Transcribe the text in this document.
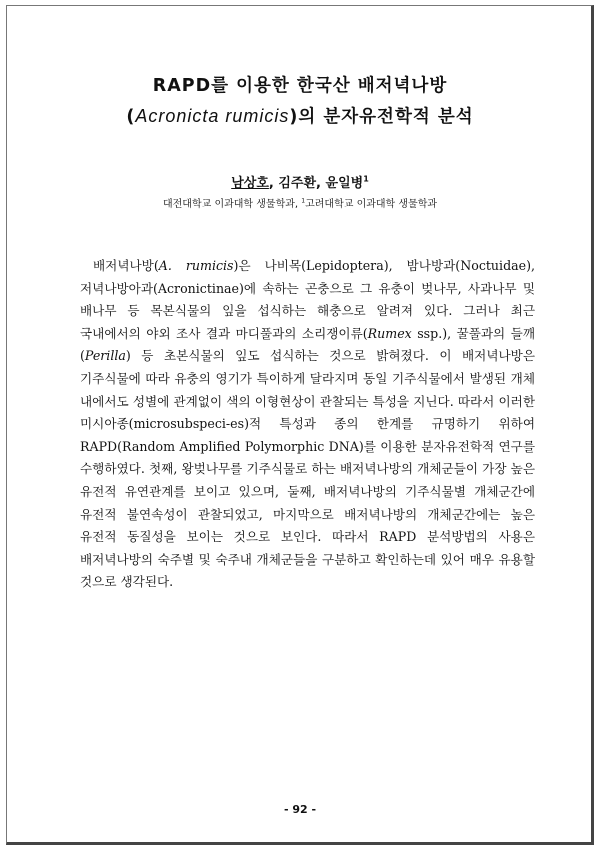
RAPD를 이용한 한국산 배저녁나방
(Acronicta rumicis)의 분자유전학적 분석
남상호, 김주환, 윤일병$^1$
대전대학교 이과대학 생물학과, $^1$고려대학교 이과대학 생물학과

배저녁나방(A. rumicis)은 나비목(Lepidoptera), 밤나방과(Noctuidae), 저녁나방아과(Acronictinae)에 속하는 곤충으로 그 유충이 벚나무, 사과나무 및 배나무 등 목본식물의 잎을 섭식하는 해충으로 알려져 있다. 그러나 최근 국내에서의 야외 조사 결과 마디풀과의 소리쟁이류(Rumex ssp.), 꿀풀과의 들깨(Perilla) 등 초본식물의 잎도 섭식하는 것으로 밝혀졌다. 이 배저녁나방은 기주식물에 따라 유충의 영기가 특이하게 달라지며 동일 기주식물에서 발생된 개체 내에서도 성별에 관계없이 색의 이형현상이 관찰되는 특성을 지닌다. 따라서 이러한 미시아종(microsubspeci-es)적 특성과 종의 한계를 규명하기 위하여 RAPD(Random Amplified Polymorphic DNA)를 이용한 분자유전학적 연구를 수행하였다. 첫째, 왕벚나무를 기주식물로 하는 배저녁나방의 개체군들이 가장 높은 유전적 유연관계를 보이고 있으며, 둘째, 배저녁나방의 기주식물별 개체군간에 유전적 불연속성이 관찰되었고, 마지막으로 배저녁나방의 개체군간에는 높은 유전적 동질성을 보이는 것으로 보인다. 따라서 RAPD 분석방법의 사용은 배저녁나방의 숙주별 및 숙주내 개체군들을 구분하고 확인하는데 있어 매우 유용할 것으로 생각된다.

- 92 -
